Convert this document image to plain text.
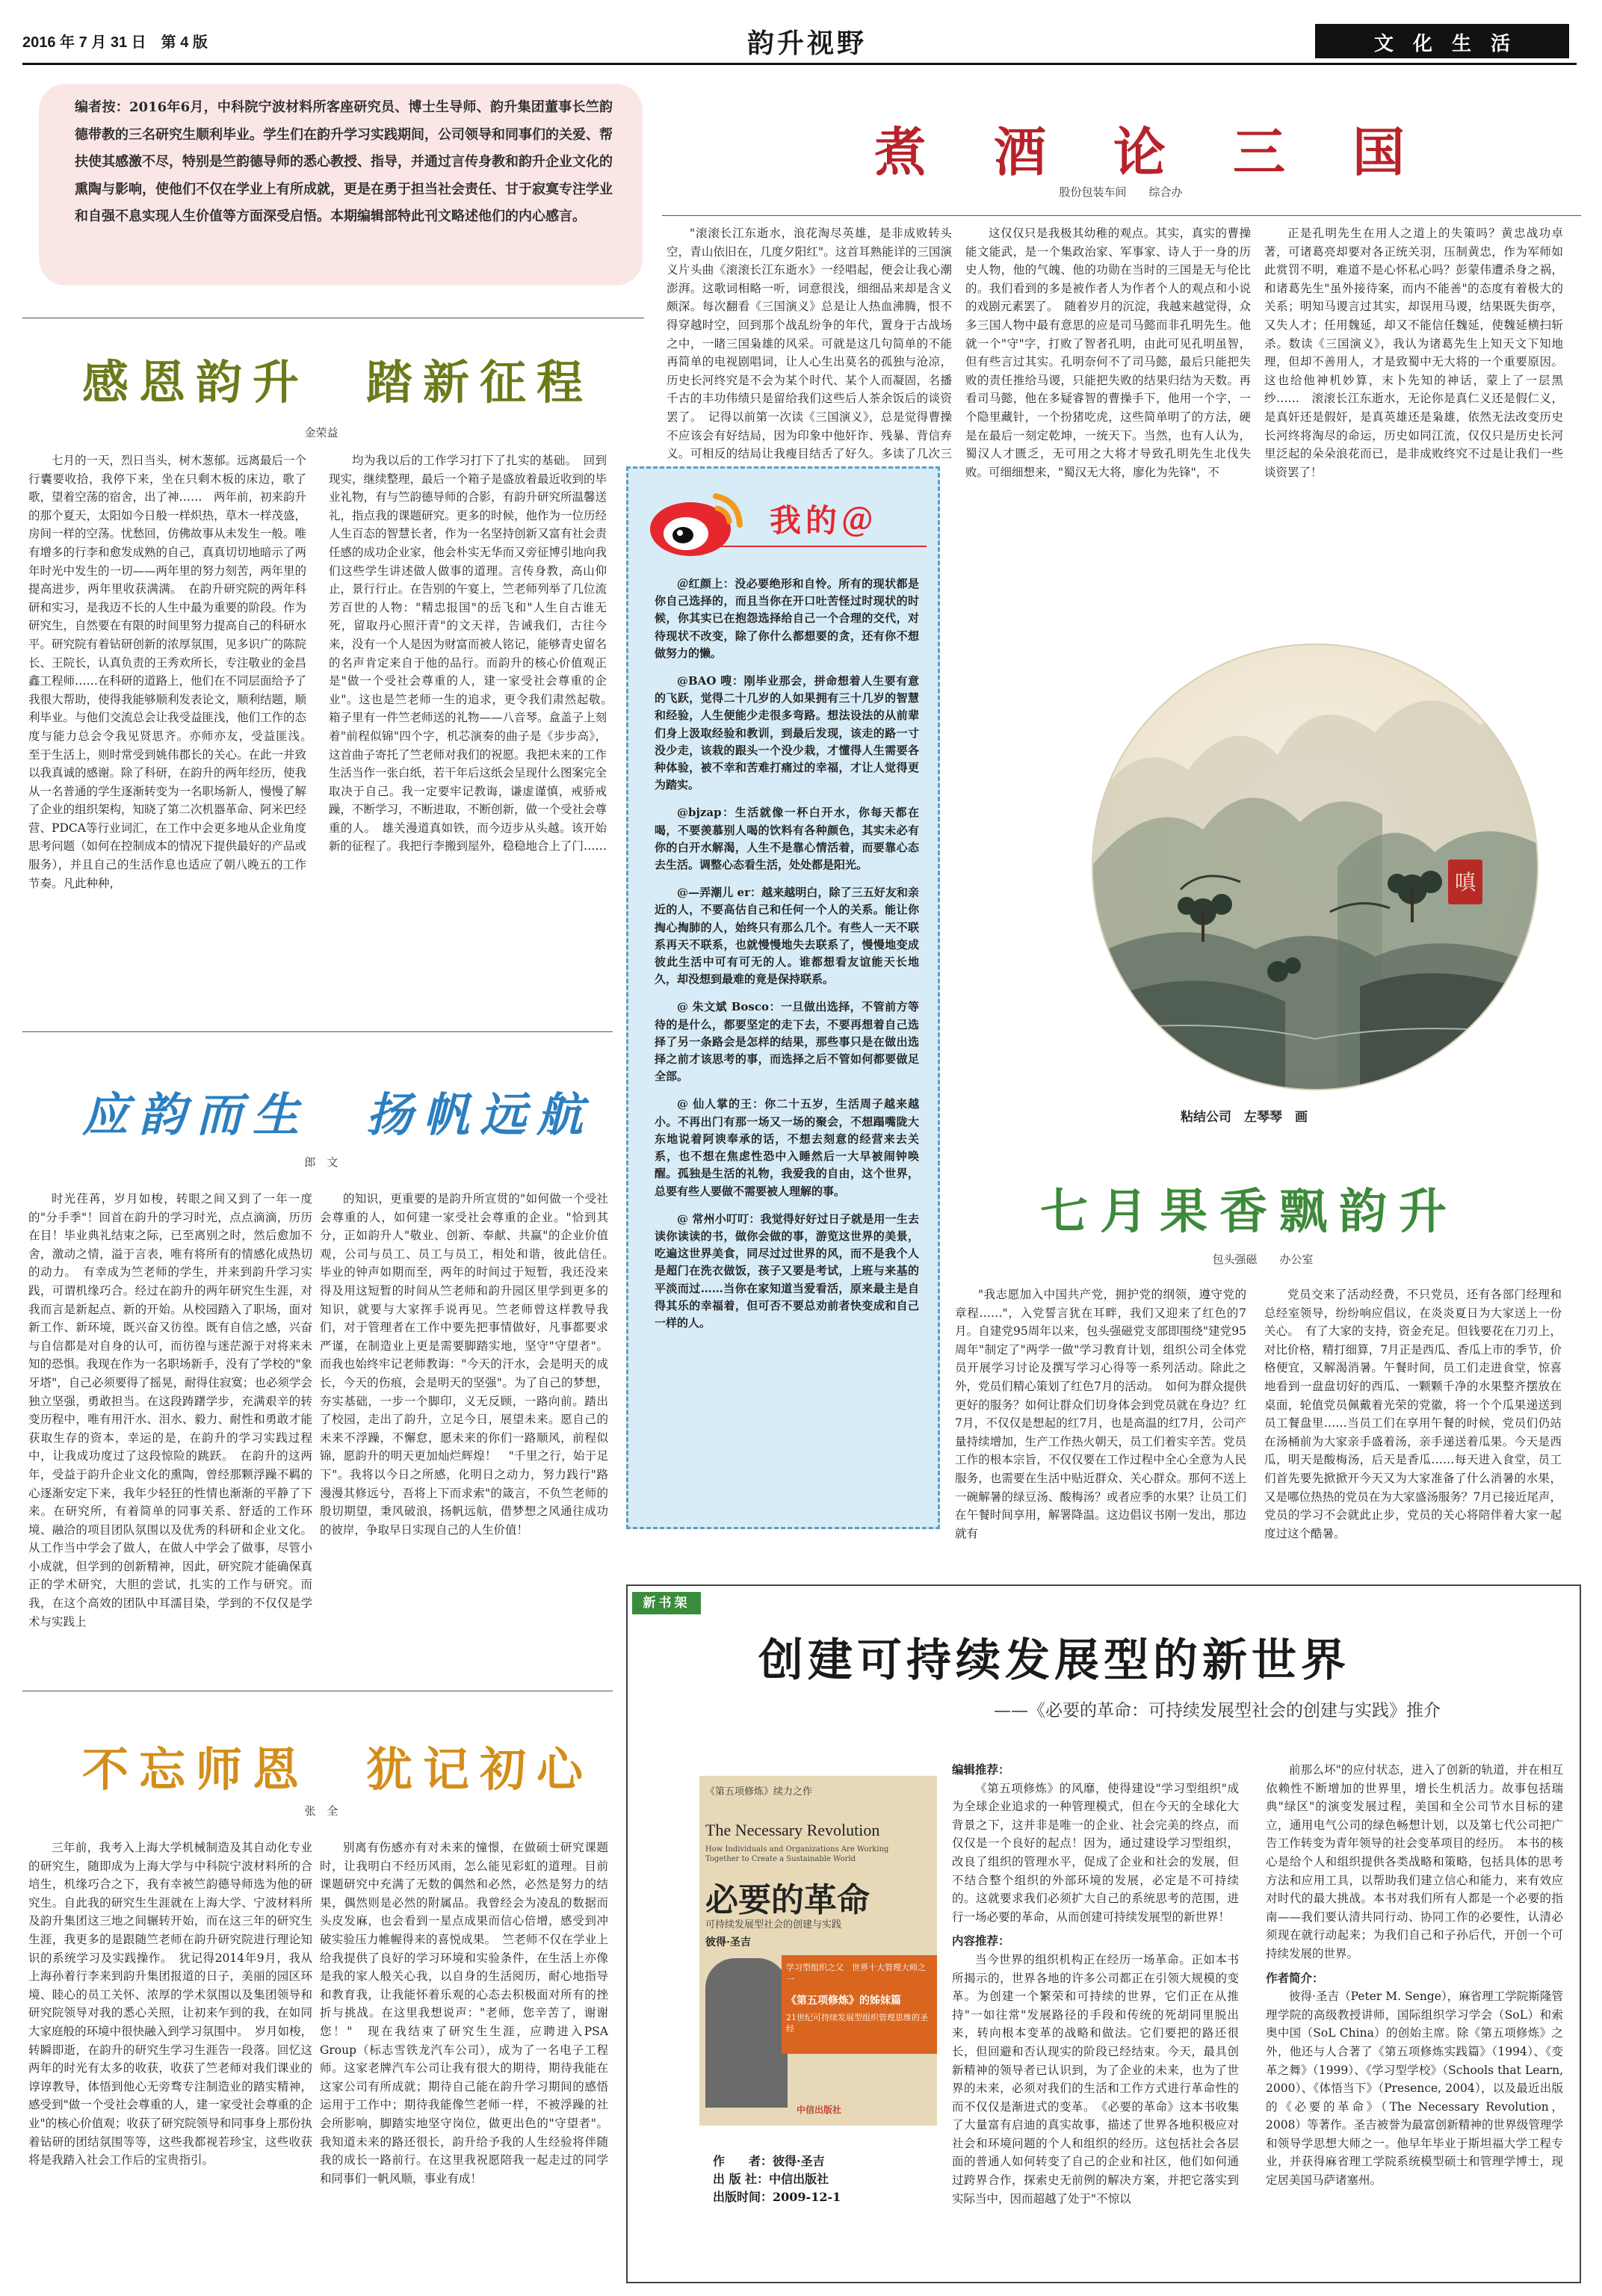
2016 年 7 月 31 日　第 4 版	韵升视野	文　化　生　活
编者按：2016年6月，中科院宁波材料所客座研究员、博士生导师、韵升集团董事长竺韵德带教的三名研究生顺利毕业。学生们在韵升学习实践期间，公司领导和同事们的关爱、帮扶使其感激不尽，特别是竺韵德导师的悉心教授、指导，并通过言传身教和韵升企业文化的熏陶与影响，使他们不仅在学业上有所成就，更是在勇于担当社会责任、甘于寂寞专注学业和自强不息实现人生价值等方面深受启悟。本期编辑部特此刊文略述他们的内心感言。
煮　酒　论　三　国
股份包装车间　　综合办

"滚滚长江东逝水，浪花淘尽英雄，是非成败转头空，青山依旧在，几度夕阳红"。这首耳熟能详的三国演义片头曲《滚滚长江东逝水》一经唱起，便会让我心潮澎湃。这歌词相略一听，词意很浅，细细品来却是含义颇深。每次翻看《三国演义》总是让人热血沸腾，恨不得穿越时空，回到那个战乱纷争的年代，置身于古战场之中，一睹三国枭雄的风采。可就是这几句简单的不能再简单的电视剧唱词，让人心生出莫名的孤独与沧凉，历史长河终究是不会为某个时代、某个人而凝固，名播千古的丰功伟绩只是留给我们这些后人茶余饭后的谈资罢了。　记得以前第一次读《三国演义》，总是觉得曹操不应该会有好结局，因为印象中他奸诈、残暴、背信弃义。可相反的结局让我瘦目结舌了好久。多读了几次三

这仅仅只是我极其幼稚的观点。其实，真实的曹操能文能武，是一个集政治家、军事家、诗人于一身的历史人物，他的气魄、他的功勋在当时的三国是无与伦比的。我们看到的多是被作者人为作者个人的观点和小说的戏剧元素罢了。　随着岁月的沉淀，我越来越觉得，众多三国人物中最有意思的应是司马懿而非孔明先生。他就一个"守"字，打败了智者孔明，由此可见孔明虽智，但有些言过其实。孔明奈何不了司马懿，最后只能把失败的责任推给马谡，只能把失败的结果归结为天数。再看司马懿，他在多疑睿智的曹操手下，他用一个字，一个隐里藏针，一个扮猪吃虎，这些简单明了的方法，硬是在最后一刻定乾坤，一统天下。当然，也有人认为，蜀汉人才匮乏，无可用之大将才导致孔明先生北伐失败。可细细想来，"蜀汉无大将，廖化为先锋"，不

正是孔明先生在用人之道上的失策吗？黄忠战功卓著，可诸葛亮却要对各正统关羽，压制黄忠，作为军师如此赏罚不明，难道不是心怀私心吗？彭蒙伟遭杀身之祸，和诸葛先生"虽外接待案，而内不能善"的态度有着极大的关系；明知马谡言过其实，却误用马谡，结果既失街亭，又失人才；任用魏延，却又不能信任魏延，使魏延横扫斩杀。数读《三国演义》，我认为诸葛先生上知天文下知地理，但却不善用人，才是致蜀中无大将的一个重要原因。这也给他神机妙算，末卜先知的神话，蒙上了一层黑纱……　滚滚长江东逝水，无论你是真仁义还是假仁义，是真奸还是假奸，是真英雄还是枭雄，依然无法改变历史长河终将淘尽的命运，历史如同江流，仅仅只是历史长河里泛起的朵朵浪花而已，是非成败终究不过是让我们一些谈资罢了！

感恩韵升　踏新征程
金荣益

七月的一天，烈日当头，树木葱郁。远离最后一个行囊要收拾，我停下来，坐在只剩木板的床边，歌了歌，望着空荡的宿舍，出了神……　两年前，初来韵升的那个夏天，太阳如今日般一样炽热，草木一样茂盛，房间一样的空荡。忧愁回，仿佛故事从未发生一般。唯有增多的行李和愈发成熟的自己，真真切切地暗示了两年时光中发生的一切——两年里的努力刻苦，两年里的提高进步，两年里收获满满。　在韵升研究院的两年科研和实习，是我迈不长的人生中最为重要的阶段。作为研究生，自然要在有限的时间里努力提高自己的科研水平。研究院有着钻研创新的浓厚氛围，见多识广的陈院长、王院长，认真负责的王秀欢所长，专注敬业的金昌鑫工程师……在科研的道路上，他们在不同层面给予了我很大帮助，使得我能够顺利发表论文，顺利结题，顺利毕业。与他们交流总会让我受益匪浅，他们工作的态度与能力总会令我见贤思齐。亦师亦友，受益匪浅。　至于生活上，则时常受到姚伟郡长的关心。在此一并致以我真诚的感谢。除了科研，在韵升的两年经历，使我从一名普通的学生逐渐转变为一名职场新人，慢慢了解了企业的组织架构，知晓了第二次机器革命、阿米巴经营、PDCA等行业词汇，在工作中会更多地从企业角度思考问题（如何在控制成本的情况下提供最好的产品或服务），并且自己的生活作息也适应了朝八晚五的工作节奏。凡此种种，

均为我以后的工作学习打下了扎实的基础。　回到现实，继续整理，最后一个箱子是盛放着最近收到的毕业礼物，有与竺韵德导师的合影，有韵升研究所温馨送礼，指点我的课题研究。更多的时候，他作为一位历经人生百态的智慧长者，作为一名坚持创新又富有社会责任感的成功企业家，他会朴实无华而又旁征博引地向我们这些学生讲述做人做事的道理。言传身教，高山仰止，景行行止。在告别的午宴上，竺老师列举了几位流芳百世的人物："精忠报国"的岳飞和"人生自古谁无死，留取丹心照汗青"的文天祥，告诫我们，古往今来，没有一个人是因为财富而被人铭记，能够青史留名的名声肯定来自于他的品行。而韵升的核心价值观正是"做一个受社会尊重的人，建一家受社会尊重的企业"。这也是竺老师一生的追求，更令我们肃然起敬。　箱子里有一件竺老师送的礼物——八音琴。盒盖子上刻着"前程似锦"四个字，机芯演奏的曲子是《步步高》，这首曲子寄托了竺老师对我们的祝愿。我把未来的工作生活当作一张白纸，若干年后这纸会呈现什么图案完全取决于自己。我一定要牢记教诲，谦虚谨慎，戒骄戒躁，不断学习，不断进取，不断创新，做一个受社会尊重的人。　雄关漫道真如铁，而今迈步从头越。该开始新的征程了。我把行李搬到屋外，稳稳地合上了门……

我的＠
＠红颜上：没必要绝形和自怜。所有的现状都是你自己选择的，而且当你在开口吐苦怪过时现状的时候，你其实已在抱怨选择给自己一个合理的交代，对待现状不改变，除了你什么都想要的贪，还有你不想做努力的懒。
@BAO 嗖：刚毕业那会，拼命想着人生要有意的飞跃，觉得二十几岁的人如果拥有三十几岁的智慧和经验，人生便能少走很多弯路。想法设法的从前辈们身上汲取经验和教训，到最后发现，该走的路一寸没少走，该栽的跟头一个没少栽，才懂得人生需要各种体验，被不幸和苦难打痛过的幸福，才让人觉得更为踏实。
@bjzap：生活就像一杯白开水，你每天都在喝，不要羡慕别人喝的饮料有各种颜色，其实未必有你的白开水解渴，人生不是靠心情活着，而要靠心态去生活。调整心态看生活，处处都是阳光。
@—弄潮儿 er：越来越明白，除了三五好友和亲近的人，不要高估自己和任何一个人的关系。能让你掏心掏肺的人，始终只有那么几个。有些人一天不联系再天不联系，也就慢慢地失去联系了，慢慢地变成彼此生活中可有可无的人。谁都想看友谊能天长地久，却没想到最难的竟是保持联系。
@ 朱文斌 Bosco：一旦做出选择，不管前方等待的是什么，都要坚定的走下去，不要再想着自己选择了另一条路会是怎样的结果，那些事只是在做出选择之前才该思考的事，而选择之后不管如何都要做足全部。
@ 仙人掌的王：你二十五岁，生活周子越来越小。不再出门有那一场又一场的聚会，不想蹋嘴陇大东地说着阿谀奉承的话，不想去刻意的经营来去关系，也不想在焦虑性恐中入睡然后一大早被闹钟唤醒。孤独是生活的礼物，我爱我的自由，这个世界，总要有些人要做不需要被人理解的事。
@ 常州小叮叮：我觉得好好过日子就是用一生去读你读读的书，做你会做的事，游览这世界的美景，吃遍这世界美食，同尽过过世界的风，而不是我个人是超门在洗衣做饭，孩子又要是考试，上班与来基的平淡而过……当你在家知道当爱看活，原来最主是自得其乐的幸福着，但可否不要总劝前者快变成和自己一样的人。
嗔
粘结公司　左琴琴　画
应韵而生　扬帆远航
郎　文

时光荏苒，岁月如梭，转眼之间又到了一年一度的"分手季"！回首在韵升的学习时光，点点滴滴，历历在目！毕业典礼结束之际，已至离别之时，然后愈加不舍，激动之情，溢于言表，唯有将所有的情感化成热切的动力。　有幸成为竺老师的学生，并来到韵升学习实践，可谓机缘巧合。经过在韵升的两年研究生生涯，对我而言是新起点、新的开始。从校园踏入了职场，面对新工作、新环境，既兴奋又彷徨。既有自信之感，兴奋与自信都是对自身的认可，而彷徨与迷茫源于对将来未知的恐惧。我现在作为一名职场新手，没有了学校的"象牙塔"，自己必须要得了摇晃，耐得住寂寞；也必须学会独立坚强，勇敢担当。在这段踌躇学步，充满艰辛的转变历程中，唯有用汗水、泪水、毅力、耐性和勇敢才能获取生存的资本，幸运的是，在韵升的学习实践过程中，让我成功度过了这段惊险的跳跃。　在韵升的这两年，受益于韵升企业文化的熏陶，曾经那颗浮躁不羁的心逐渐安定下来，我年少轻狂的性情也渐渐的平静了下来。在研究所，有着简单的同事关系、舒适的工作环境、融洽的项目团队氛围以及优秀的科研和企业文化。从工作当中学会了做人，在做人中学会了做事，尽管小小成就，但学到的创新精神，因此，研究院才能确保真正的学术研究，大胆的尝试，扎实的工作与研究。而我，在这个高效的团队中耳濡目染，学到的不仅仅是学术与实践上

的知识，更重要的是韵升所宣贯的"如何做一个受社会尊重的人，如何建一家受社会尊重的企业。"恰到其分，正如韵升人"敬业、创新、奉献、共赢"的企业价值观，公司与员工、员工与员工，相处和谐，彼此信任。　毕业的钟声如期而至，两年的时间过于短暂，我还没来得及用这短暂的时间从竺老师和韵升园区里学到更多的知识，就要与大家挥手说再见。竺老师曾这样教导我们，对于管理者在工作中要先把事情做好，凡事都要求严谨，在制造业上更是需要脚踏实地，坚守"守望者"。而我也始终牢记老师教诲："今天的汗水，会是明天的成长，今天的伤痕，会是明天的坚强"。为了自己的梦想，夯实基础，一步一个脚印，义无反顾，一路向前。踏出了校园，走出了韵升，立足今日，展望未来。愿自己的未来不浮躁，不懈怠，愿未来的你们一路顺风，前程似锦，愿韵升的明天更加灿烂辉煌！　"千里之行，始于足下"。我将以今日之所感，化明日之动力，努力践行"路漫漫其修远兮，吾将上下而求索"的箴言，不负竺老师的殷切期望，秉风破浪，扬帆远航，借梦想之风通往成功的彼岸，争取早日实现自己的人生价值！

七月果香飘韵升
包头强磁　　办公室

"我志愿加入中国共产党，拥护党的纲领，遵守党的章程……"，入党誓言犹在耳畔，我们又迎来了红色的7月。自建党95周年以来，包头强磁党支部即围绕"建党95周年"制定了"两学一做"学习教育计划，组织公司全体党员开展学习讨论及撰写学习心得等一系列活动。除此之外，党员们精心策划了红色7月的活动。　如何为群众提供更好的服务？如何让群众们切身体会到党员就在身边？红7月，不仅仅是想起的红7月，也是高温的红7月，公司产量持续增加，生产工作热火朝天，员工们着实辛苦。党员工作的根本宗旨，不仅仅要在工作过程中全心全意为人民服务，也需要在生活中贴近群众、关心群众。那何不送上一碗解暑的绿豆汤、酸梅汤？或者应季的水果？让员工们在午餐时间享用，解署降温。这边倡议书刚一发出，那边就有

党员交来了活动经费，不只党员，还有各部门经理和总经室领导，纷纷响应倡议，在炎炎夏日为大家送上一份关心。　有了大家的支持，资金充足。但钱要花在刀刃上，对比价格，精打细算，7月正是西瓜、香瓜上市的季节，价格便宜，又解渴消暑。午餐时间，员工们走进食堂，惊喜地看到一盘盘切好的西瓜、一颗颗千净的水果整齐摆放在桌面，轮值党员佩戴着光荣的党徽，将一个个瓜果递送到员工餐盘里……当员工们在享用午餐的时候，党员们仍站在汤桶前为大家亲手盛着汤，亲手递送着瓜果。今天是西瓜，明天是酸梅汤，后天是香瓜……每天进入食堂，员工们首先要先掀掀开今天又为大家准备了什么消暑的水果，又是哪位热热的党员在为大家盛汤服务？7月已接近尾声，党员的学习不会就此止步，党员的关心将陪伴着大家一起度过这个酷暑。

新书架
创建可持续发展型的新世界
——《必要的革命：可持续发展型社会的创建与实践》推介
《第五项修炼》续力之作
The Necessary Revolution
How Individuals and Organizations Are Working Together to Create a Sustainable World
必要的革命
可持续发展型社会的创建与实践
彼得·圣吉
学习型组织之父　世界十大管理大师之一
《第五项修炼》的姊妹篇
21世纪可持续发展型组织管理思维的圣经
中信出版社
作　　者：彼得·圣吉
出 版 社：中信出版社
出版时间：2009-12-1
编辑推荐：

《第五项修炼》的风靡，使得建设"学习型组织"成为全球企业追求的一种管理模式，但在今天的全球化大背景之下，这并非是唯一的企业、社会完美的终点，而仅仅是一个良好的起点！因为，通过建设学习型组织，改良了组织的管理水平，促成了企业和社会的发展，但不结合整个组织的外部环境的发展，必定是不可持续的。这就要求我们必须扩大自己的系统思考的范围，进行一场必要的革命，从而创建可持续发展型的新世界！

内容推荐：

当今世界的组织机构正在经历一场革命。正如本书所揭示的，世界各地的许多公司都正在引领大规模的变革。为创建一个繁荣和可持续的世界，它们正在从推持"一如往常"发展路径的手段和传统的死胡同里脱出来，转向根本变革的战略和做法。它们要把的路还很长，但回避和否认现实的阶段已经结束。今天，最具创新精神的领导者已认识到，为了企业的未来，也为了世界的未来，必须对我们的生活和工作方式进行革命性的而不仅仅是渐进式的变革。　《必要的革命》这本书收集了大量富有启迪的真实故事，描述了世界各地积极应对社会和环境问题的个人和组织的经历。这包括社会各层面的普通人如何转变了自己的企业和社区，他们如何通过跨界合作，探索史无前例的解决方案，并把它落实到实际当中，因而超越了处于"不惊以

前那么坏"的应付状态，进入了创新的轨道，并在相互依赖性不断增加的世界里，增长生机活力。故事包括瑞典"绿区"的演变发展过程，美国和全公司节水目标的建立，通用电气公司的绿色畅想计划，以及第七代公司把广告工作转变为青年领导的社会变革项目的经历。　本书的核心是给个人和组织提供各类战略和策略，包括具体的思考方法和应用工具，以帮助我们建立信心和能力，来有效应对时代的最大挑战。本书对我们所有人都是一个必要的指南——我们要认清共同行动、协同工作的必要性，认清必须现在就行动起来；为我们自己和子孙后代，开创一个可持续发展的世界。

作者简介：

彼得·圣吉（Peter M. Senge），麻省理工学院斯隆管理学院的高级教授讲师，国际组织学习学会（SoL）和索奥中国（SoL China）的创始主席。除《第五项修炼》之外，他还与人合著了《第五项修炼实践篇》（1994）、《变革之舞》（1999）、《学习型学校》（Schools that Learn, 2000）、《体悟当下》（Presence, 2004），以及最近出版的《必要的革命》（The Necessary Revolution，2008）等著作。圣吉被誉为最富创新精神的世界级管理学和领导学思想大师之一。他早年毕业于斯坦福大学工程专业，并获得麻省理工学院系统模型硕士和管理学博士，现定居美国马萨诸塞州。

不忘师恩　犹记初心
张　全

三年前，我考入上海大学机械制造及其自动化专业的研究生，随即成为上海大学与中科院宁波材料所的合培生，机缘巧合之下，我有幸被竺韵德导师选为他的研究生。自此我的研究生生涯就在上海大学、宁波材料所及韵升集团这三地之间辗转开始，而在这三年的研究生生涯，我更多的是跟随竺老师在韵升研究院进行理论知识的系统学习及实践操作。　犹记得2014年9月，我从上海孙着行李来到韵升集团报道的日子，美丽的园区环境、睦心的员工关怀、浓厚的学术氛围以及集团领导和研究院领导对我的悉心关照，让初来乍到的我，在如同大家庭般的环境中很快融入到学习氛围中。　岁月如梭，转瞬即逝，在韵升的研究生学习生涯告一段落。回忆这两年的时光有太多的收获，收获了竺老师对我们课业的谆谆教导，体悟到他心无旁骛专注制造业的踏实精神，感受到"做一个受社会尊重的人，建一家受社会尊重的企业"的核心价值观；收获了研究院领导和同事身上那份执着钻研的团结氛围等等，这些我都视若珍宝，这些收获将是我踏入社会工作后的宝贵指引。

别离有伤感亦有对未来的憧憬，在做硕士研究课题时，让我明白不经历风雨，怎么能见彩虹的道理。目前课题研究中充满了无数的偶然和必然，必然是努力的结果，偶然则是必然的附属品。我曾经会为凌乱的数据而头皮发麻，也会看到一星点成果而信心倍增，感受到冲破实验压力帷幄得来的喜悦成果。　竺老师不仅在学业上给我提供了良好的学习环境和实验条件，在生活上亦像是我的家人般关心我，以自身的生活阅历，耐心地指导和教育我，让我能怀着乐观的心态去积极面对所有的挫折与挑战。在这里我想说声："老师，您辛苦了，谢谢您！"　现在我结束了研究生生涯，应聘进入PSA Group（标志雪铁龙汽车公司），成为了一名电子工程师。这家老牌汽车公司让我有很大的期待，期待我能在这家公司有所成就；期待自己能在韵升学习期间的感悟运用于工作中；期待我能像竺老师一样，不被浮躁的社会所影响，脚踏实地坚守岗位，做更出色的"守望者"。我知道未来的路还很长，韵升给予我的人生经验将伴随我的成长一路前行。在这里我祝愿陪我一起走过的同学和同事们一帆风顺，事业有成！
